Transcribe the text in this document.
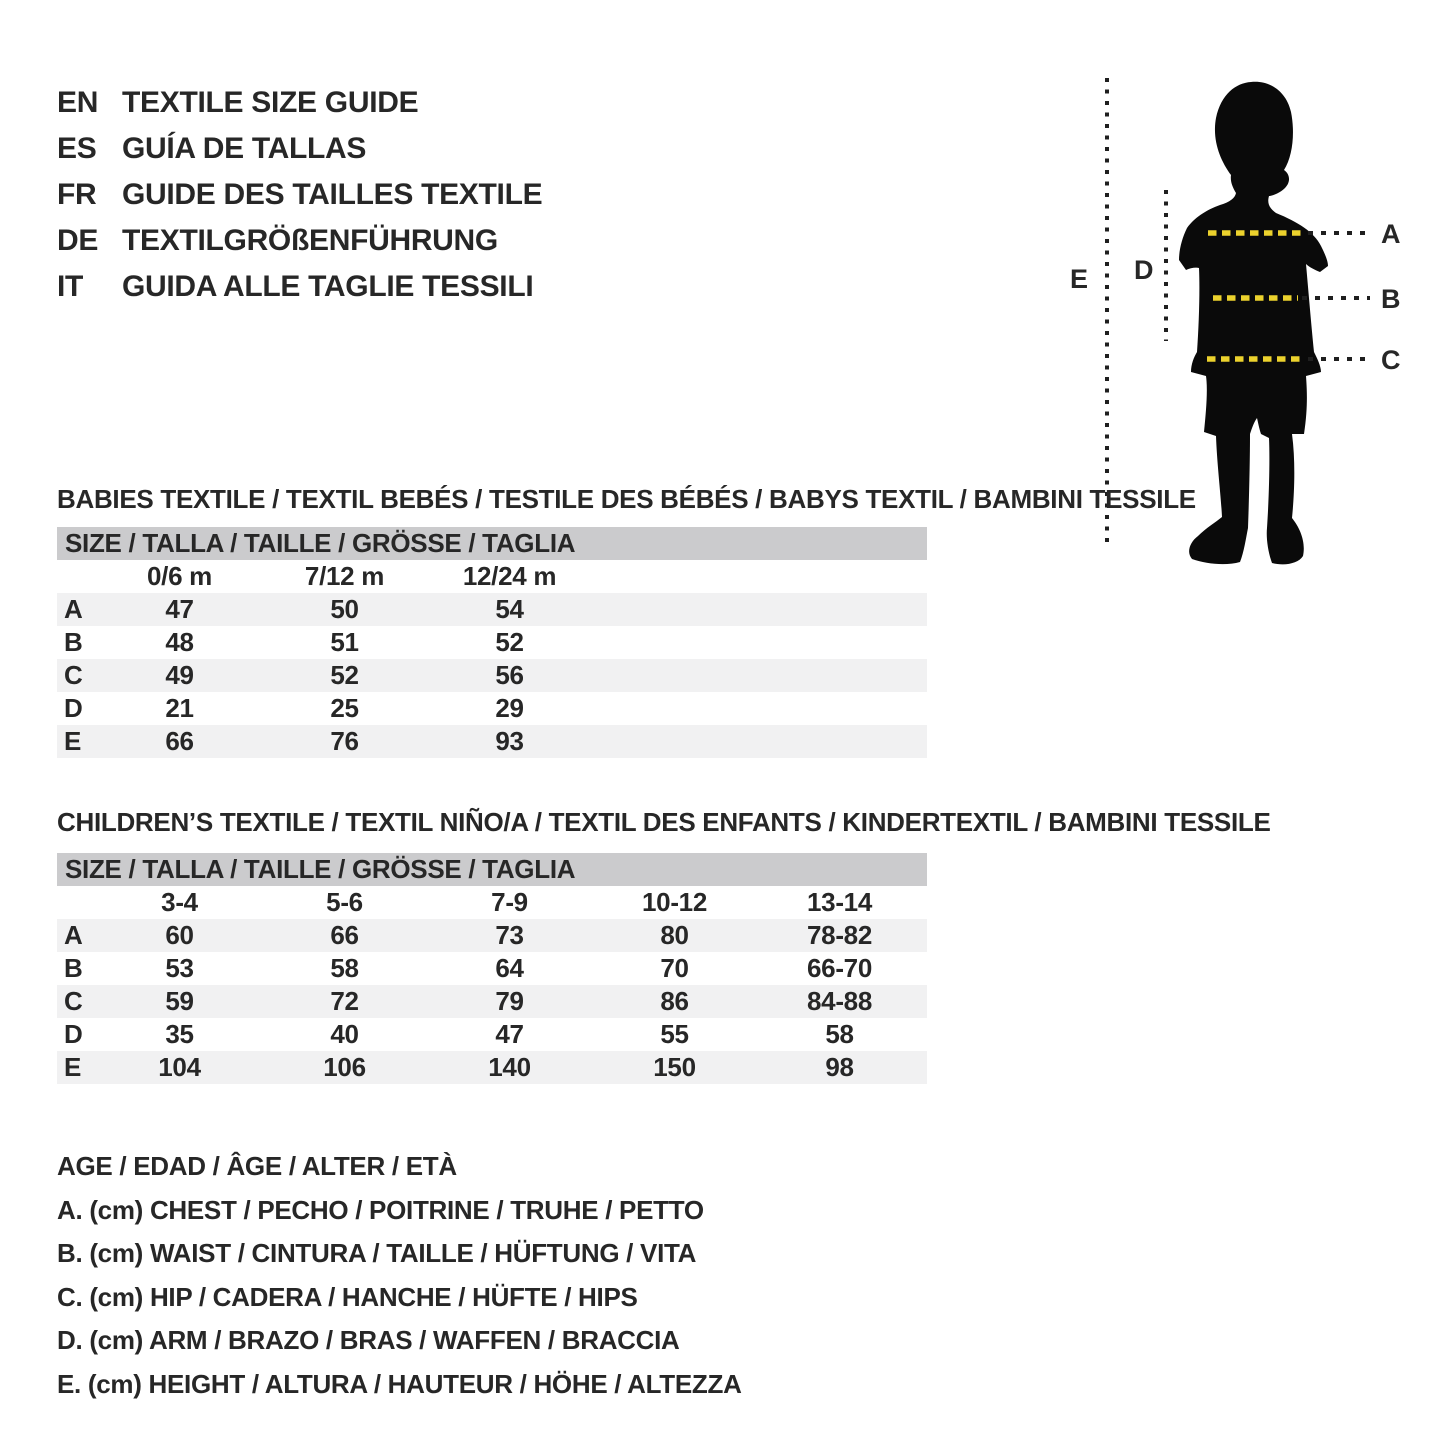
EN TEXTILE SIZE GUIDE
ES GUÍA DE TALLAS
FR GUIDE DES TAILLES TEXTILE
DE TEXTILGRÖßENFÜHRUNG
IT	GUIDA ALLE TAGLIE TESSILI	E D
A
B
C
BABIES TEXTILE / TEXTIL BEBÉS / TESTILE DES BÉBÉS / BABYS TEXTIL / BAMBINI TESSILE
SIZE / TALLA / TAILLE / GRÖSSE / TAGLIA
0/6 m	7/12 m	12/24 m
A	47	50	54
B	48	51	52
C	49	52	56
D	21	25	29
E	66	76	93
CHILDREN’S TEXTILE / TEXTIL NIÑO/A / TEXTIL DES ENFANTS / KINDERTEXTIL / BAMBINI TESSILE
SIZE / TALLA / TAILLE / GRÖSSE / TAGLIA
3-4	5-6	7-9	10-12	13-14
A	60	66	73	80	78-82
B	53	58	64	70	66-70
C	59	72	79	86	84-88
D	35	40	47	55	58
E	104	106	140	150	98
AGE / EDAD / ÂGE / ALTER / ETÀ
A. (cm) CHEST / PECHO / POITRINE / TRUHE / PETTO
B. (cm) WAIST / CINTURA / TAILLE / HÜFTUNG / VITA
C. (cm) HIP / CADERA / HANCHE / HÜFTE / HIPS
D. (cm) ARM / BRAZO / BRAS / WAFFEN / BRACCIA
E. (cm) HEIGHT / ALTURA / HAUTEUR / HÖHE / ALTEZZA
